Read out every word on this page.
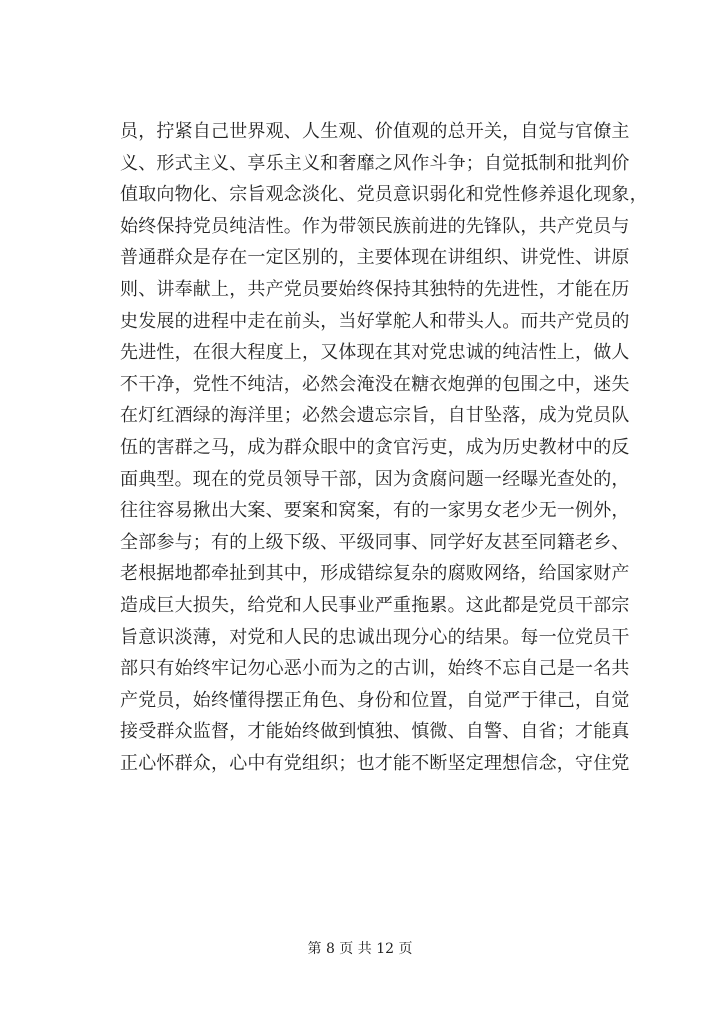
员，拧紧自己世界观、人生观、价值观的总开关，自觉与官僚主
义、形式主义、享乐主义和奢靡之风作斗争；自觉抵制和批判价
值取向物化、宗旨观念淡化、党员意识弱化和党性修养退化现象，
始终保持党员纯洁性。作为带领民族前进的先锋队，共产党员与
普通群众是存在一定区别的，主要体现在讲组织、讲党性、讲原
则、讲奉献上，共产党员要始终保持其独特的先进性，才能在历
史发展的进程中走在前头，当好掌舵人和带头人。而共产党员的
先进性，在很大程度上，又体现在其对党忠诚的纯洁性上，做人
不干净，党性不纯洁，必然会淹没在糖衣炮弹的包围之中，迷失
在灯红酒绿的海洋里；必然会遗忘宗旨，自甘坠落，成为党员队
伍的害群之马，成为群众眼中的贪官污吏，成为历史教材中的反
面典型。现在的党员领导干部，因为贪腐问题一经曝光查处的，
往往容易揪出大案、要案和窝案，有的一家男女老少无一例外，
全部参与；有的上级下级、平级同事、同学好友甚至同籍老乡、
老根据地都牵扯到其中，形成错综复杂的腐败网络，给国家财产
造成巨大损失，给党和人民事业严重拖累。这此都是党员干部宗
旨意识淡薄，对党和人民的忠诚出现分心的结果。每一位党员干
部只有始终牢记勿心恶小而为之的古训，始终不忘自己是一名共
产党员，始终懂得摆正角色、身份和位置，自觉严于律己，自觉
接受群众监督，才能始终做到慎独、慎微、自警、自省；才能真
正心怀群众，心中有党组织；也才能不断坚定理想信念，守住党
第 8 页 共 12 页
